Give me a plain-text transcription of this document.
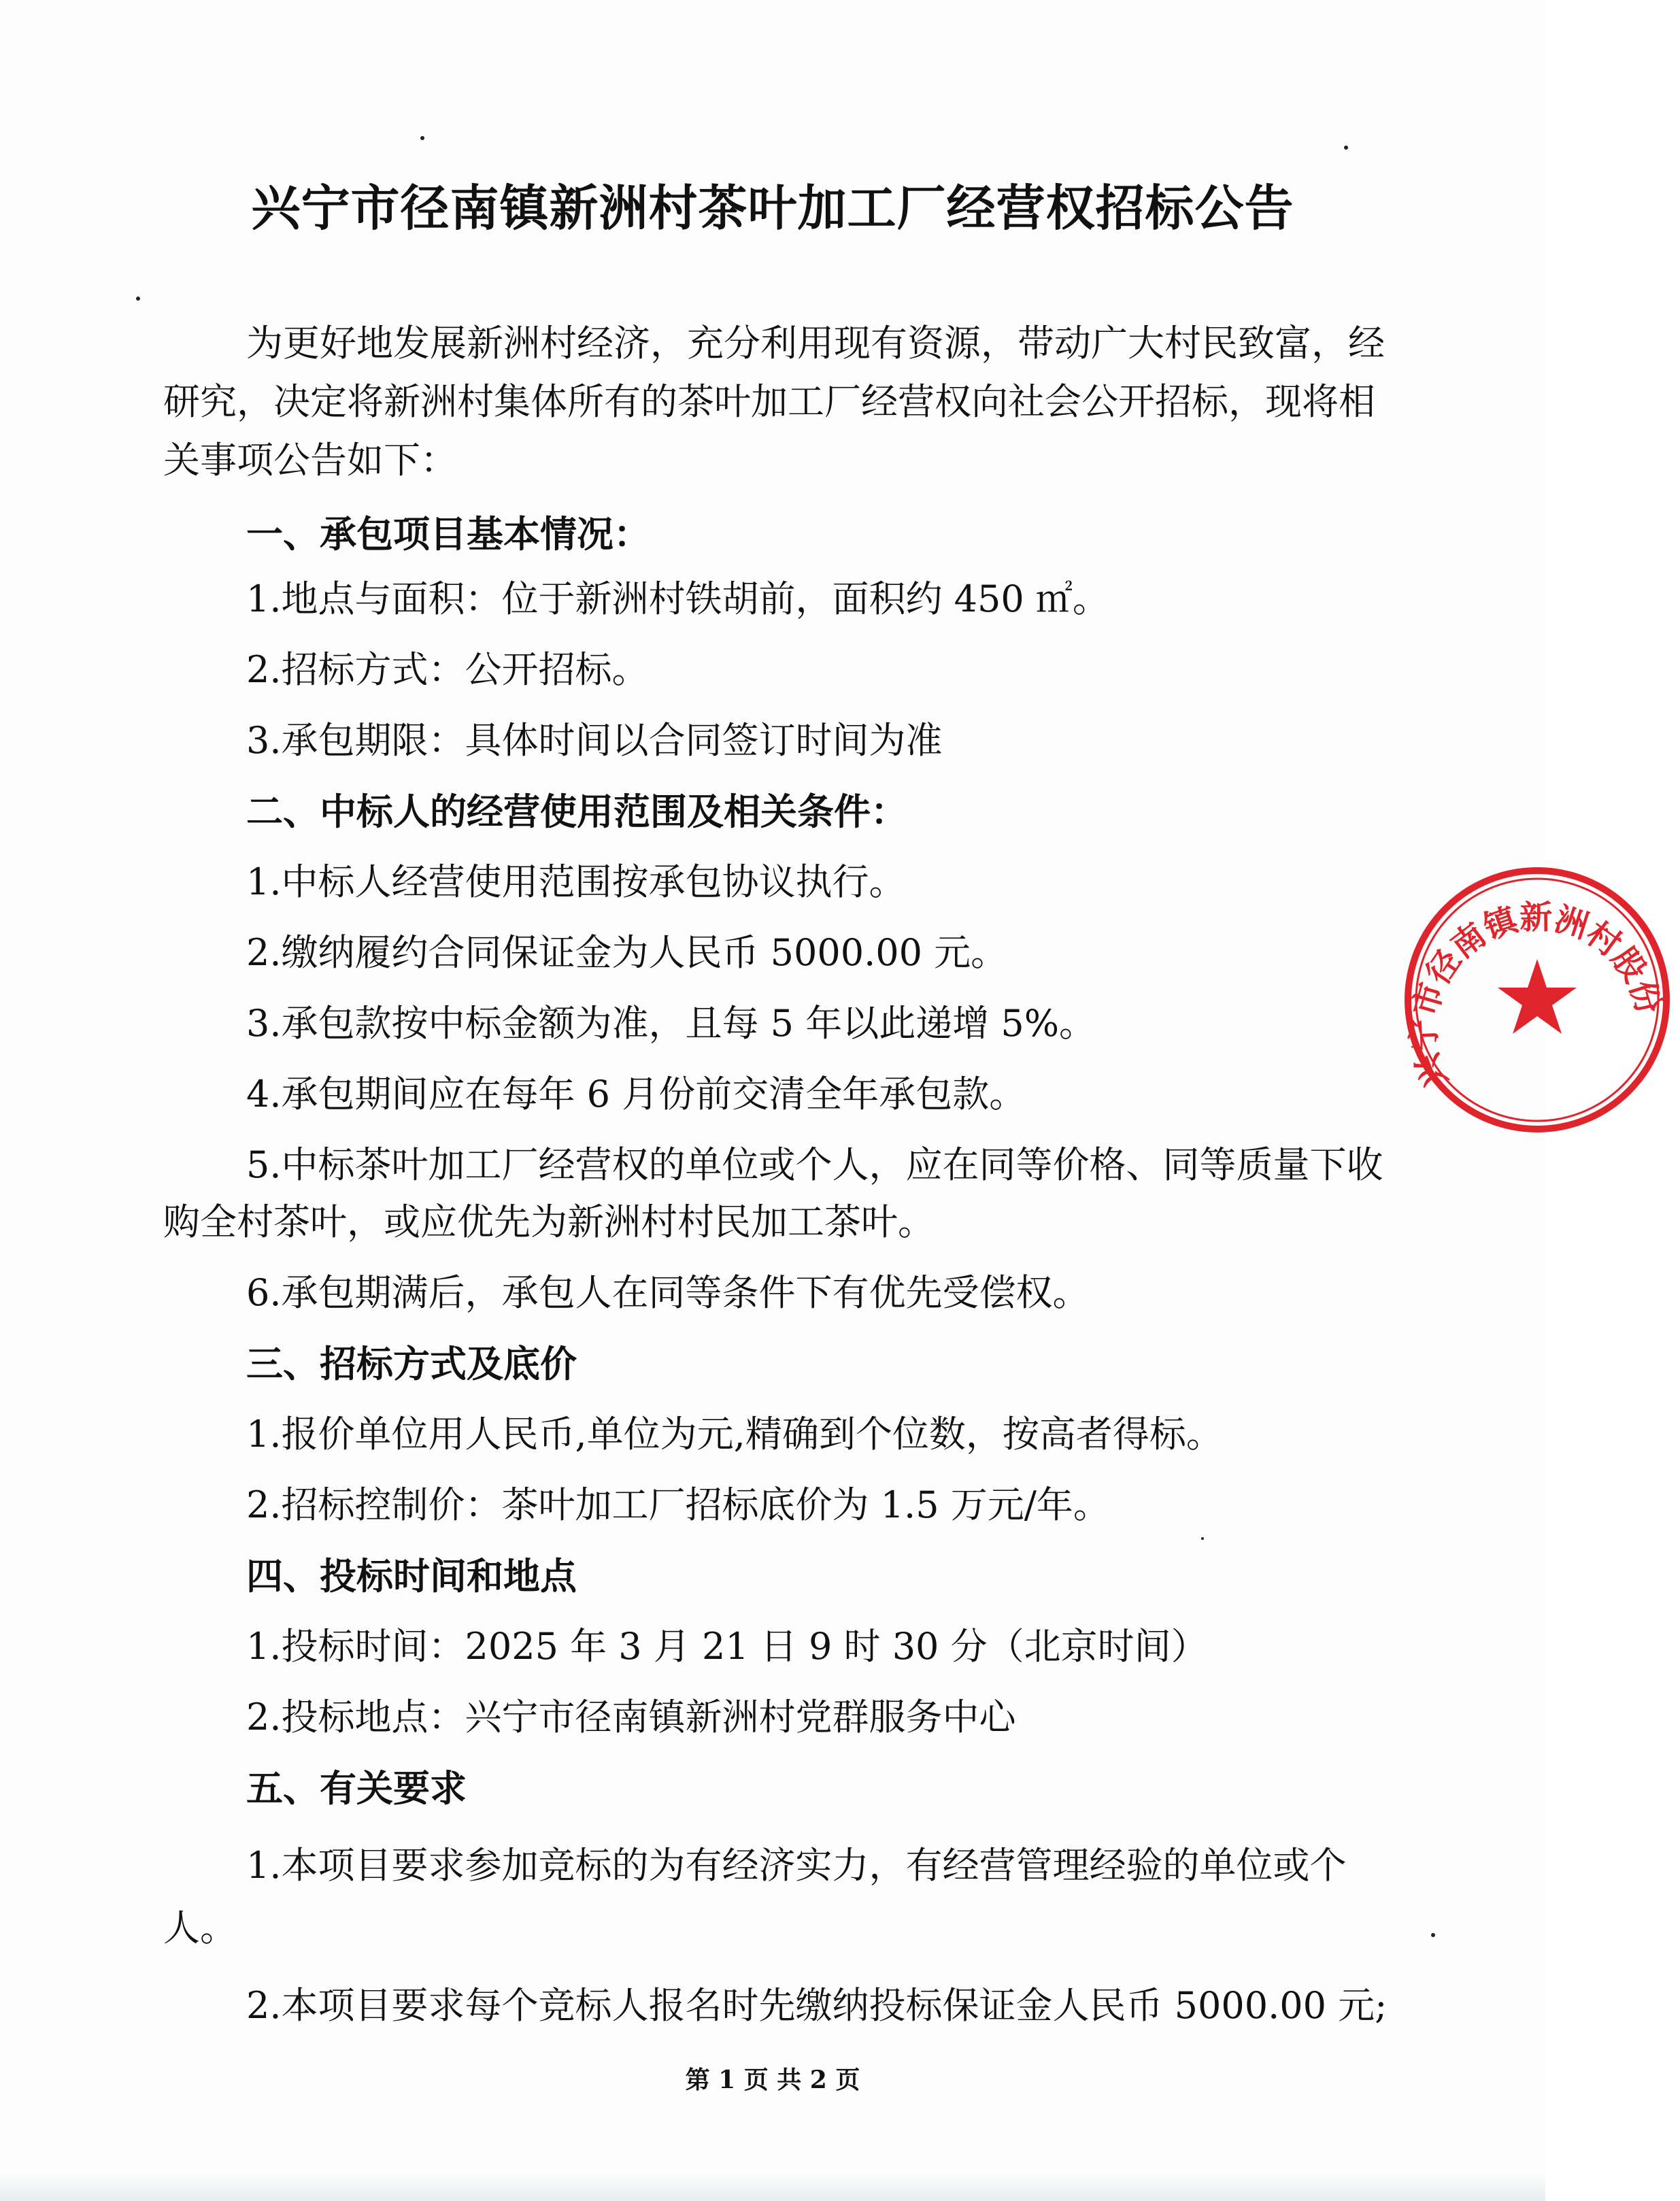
兴宁市径南镇新洲村茶叶加工厂经营权招标公告
为更好地发展新洲村经济，充分利用现有资源，带动广大村民致富，经
研究，决定将新洲村集体所有的茶叶加工厂经营权向社会公开招标，现将相
关事项公告如下：
一、承包项目基本情况：
1.地点与面积：位于新洲村铁胡前，面积约 450 ㎡。
2.招标方式：公开招标。
3.承包期限：具体时间以合同签订时间为准
二、中标人的经营使用范围及相关条件：
1.中标人经营使用范围按承包协议执行。
2.缴纳履约合同保证金为人民币 5000.00 元。
3.承包款按中标金额为准，且每 5 年以此递增 5%。
4.承包期间应在每年 6 月份前交清全年承包款。
5.中标茶叶加工厂经营权的单位或个人，应在同等价格、同等质量下收
购全村茶叶，或应优先为新洲村村民加工茶叶。
6.承包期满后，承包人在同等条件下有优先受偿权。
三、招标方式及底价
1.报价单位用人民币,单位为元,精确到个位数，按高者得标。
2.招标控制价：茶叶加工厂招标底价为 1.5 万元/年。
四、投标时间和地点
1.投标时间：2025 年 3 月 21 日 9 时 30 分（北京时间）
2.投标地点：兴宁市径南镇新洲村党群服务中心
五、有关要求
1.本项目要求参加竞标的为有经济实力，有经营管理经验的单位或个
人。
2.本项目要求每个竞标人报名时先缴纳投标保证金人民币 5000.00 元;
第 1 页 共 2 页
兴宁市径南镇新洲村股份
